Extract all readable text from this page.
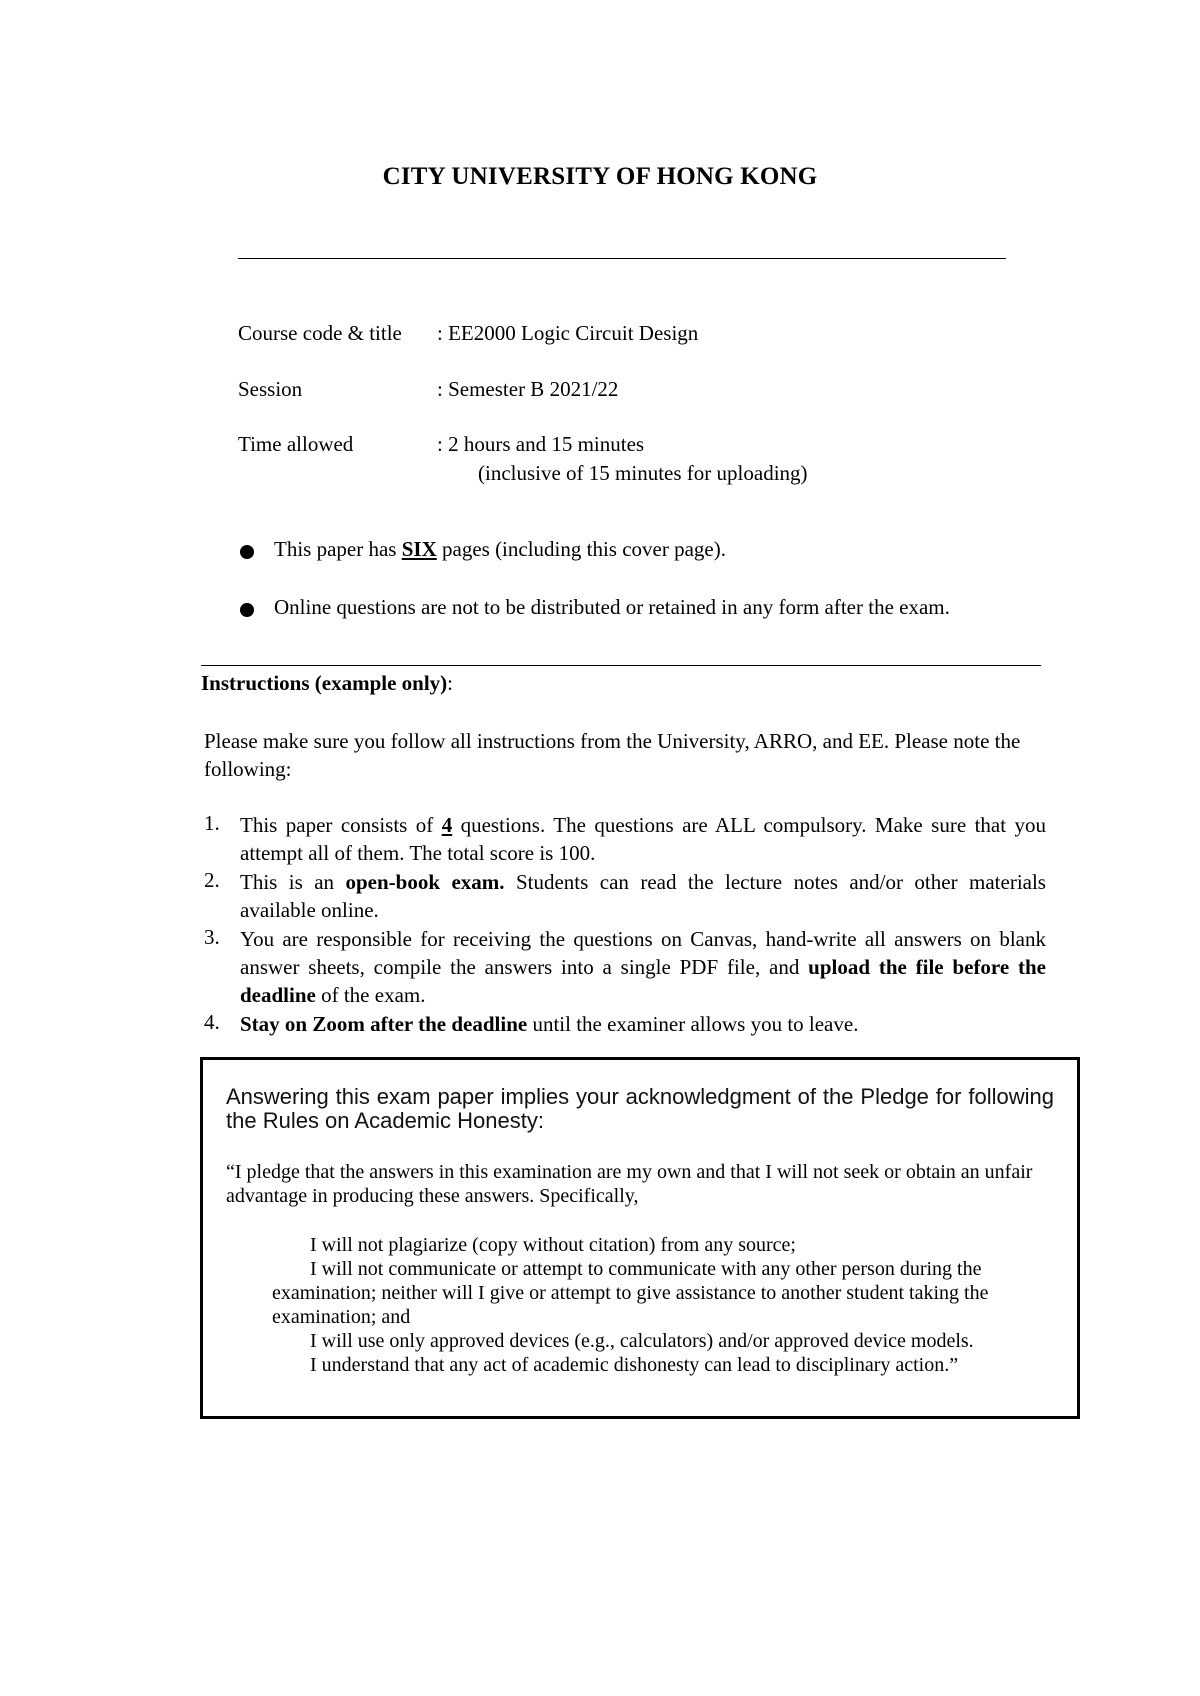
CITY UNIVERSITY OF HONG KONG
Course code & title : EE2000 Logic Circuit Design
Session	: Semester B 2021/22
Time allowed	: 2 hours and 15 minutes
(inclusive of 15 minutes for uploading)
This paper has SIX pages (including this cover page).
Online questions are not to be distributed or retained in any form after the exam.
Instructions (example only):
Please make sure you follow all instructions from the University, ARRO, and EE. Please note the following:
1. This paper consists of 4 questions. The questions are ALL compulsory. Make sure that you attempt all of them. The total score is 100.
2. This is an open-book exam. Students can read the lecture notes and/or other materials available online.
3. You are responsible for receiving the questions on Canvas, hand-write all answers on blank answer sheets, compile the answers into a single PDF file, and upload the file before the deadline of the exam.
4. Stay on Zoom after the deadline until the examiner allows you to leave.
Answering this exam paper implies your acknowledgment of the Pledge for following the Rules on Academic Honesty:
“I pledge that the answers in this examination are my own and that I will not seek or obtain an unfair advantage in producing these answers. Specifically,
I will not plagiarize (copy without citation) from any source;
I will not communicate or attempt to communicate with any other person during the examination; neither will I give or attempt to give assistance to another student taking the examination; and
I will use only approved devices (e.g., calculators) and/or approved device models.
I understand that any act of academic dishonesty can lead to disciplinary action.”
